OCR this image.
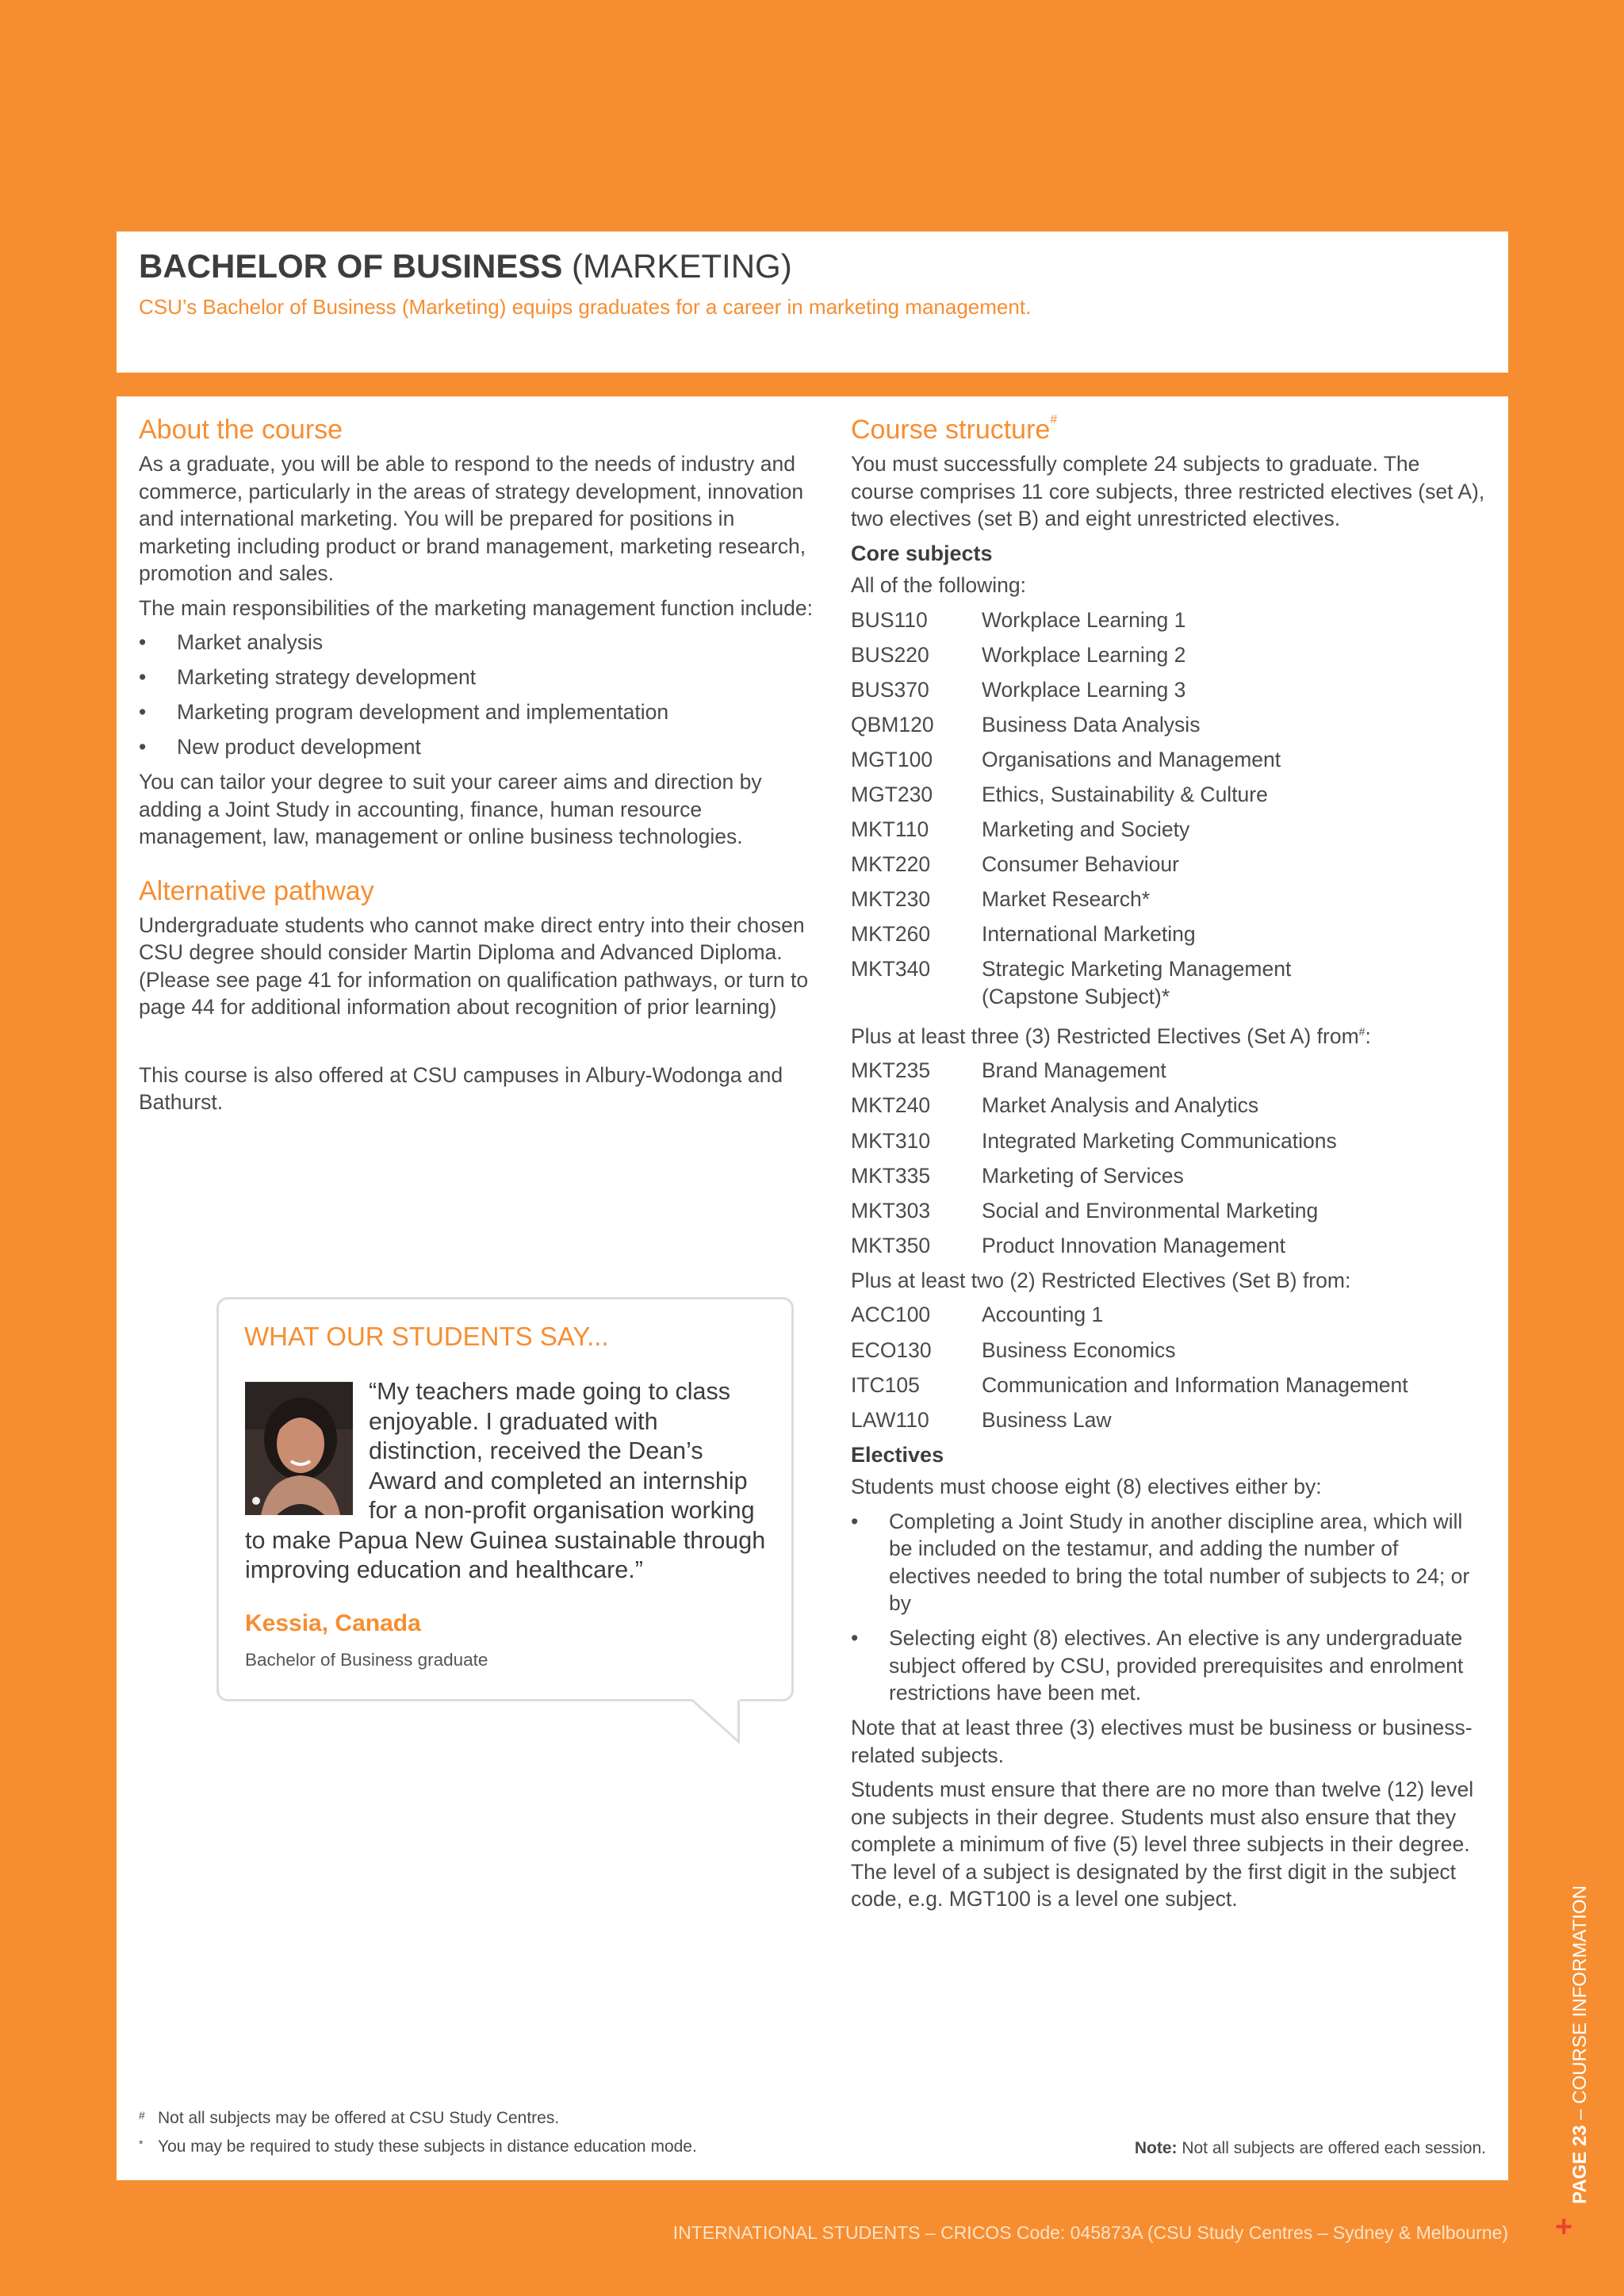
BACHELOR OF BUSINESS (MARKETING)
CSU’s Bachelor of Business (Marketing) equips graduates for a career in marketing management.
About the course

As a graduate, you will be able to respond to the needs of industry and commerce, particularly in the areas of strategy development, innovation and international marketing. You will be prepared for positions in marketing including product or brand management, marketing research, promotion and sales.

The main responsibilities of the marketing management function include:

• Market analysis
• Marketing strategy development
• Marketing program development and implementation
• New product development

You can tailor your degree to suit your career aims and direction by adding a Joint Study in accounting, finance, human resource management, law, management or online business technologies.

Alternative pathway

Undergraduate students who cannot make direct entry into their chosen CSU degree should consider Martin Diploma and Advanced Diploma. (Please see page 41 for information on qualification pathways, or turn to page 44 for additional information about recognition of prior learning)

This course is also offered at CSU campuses in Albury-Wodonga and Bathurst.

Course structure#

You must successfully complete 24 subjects to graduate. The course comprises 11 core subjects, three restricted electives (set A), two electives (set B) and eight unrestricted electives.

Core subjects

All of the following:

BUS110	Workplace Learning 1
BUS220	Workplace Learning 2
BUS370	Workplace Learning 3
QBM120	Business Data Analysis
MGT100	Organisations and Management
MGT230	Ethics, Sustainability & Culture
MKT110	Marketing and Society
MKT220	Consumer Behaviour
MKT230	Market Research*
MKT260	International Marketing
MKT340	Strategic Marketing Management (Capstone Subject)*

Plus at least three (3) Restricted Electives (Set A) from#:

MKT235	Brand Management
MKT240	Market Analysis and Analytics
MKT310	Integrated Marketing Communications
MKT335	Marketing of Services
MKT303	Social and Environmental Marketing
MKT350	Product Innovation Management

Plus at least two (2) Restricted Electives (Set B) from:

ACC100	Accounting 1
ECO130	Business Economics
ITC105	Communication and Information Management
LAW110	Business Law
Electives

Students must choose eight (8) electives either by:

• Completing a Joint Study in another discipline area, which will be included on the testamur, and adding the number of electives needed to bring the total number of subjects to 24; or by
• Selecting eight (8) electives. An elective is any undergraduate subject offered by CSU, provided prerequisites and enrolment restrictions have been met.

Note that at least three (3) electives must be business or business-related subjects.

Students must ensure that there are no more than twelve (12) level one subjects in their degree. Students must also ensure that they complete a minimum of five (5) level three subjects in their degree. The level of a subject is designated by the first digit in the subject code, e.g. MGT100 is a level one subject.

# Not all subjects may be offered at CSU Study Centres.
* You may be required to study these subjects in distance education mode.	Note: Not all subjects are offered each session.
WHAT OUR STUDENTS SAY...
“My teachers made going to class enjoyable. I graduated with distinction, received the Dean’s Award and completed an internship for a non-profit organisation working to make Papua New Guinea sustainable through improving education and healthcare.”
Kessia, Canada
Bachelor of Business graduate
INTERNATIONAL STUDENTS – CRICOS Code: 045873A (CSU Study Centres – Sydney & Melbourne)
PAGE 23 – COURSE INFORMATION
+
